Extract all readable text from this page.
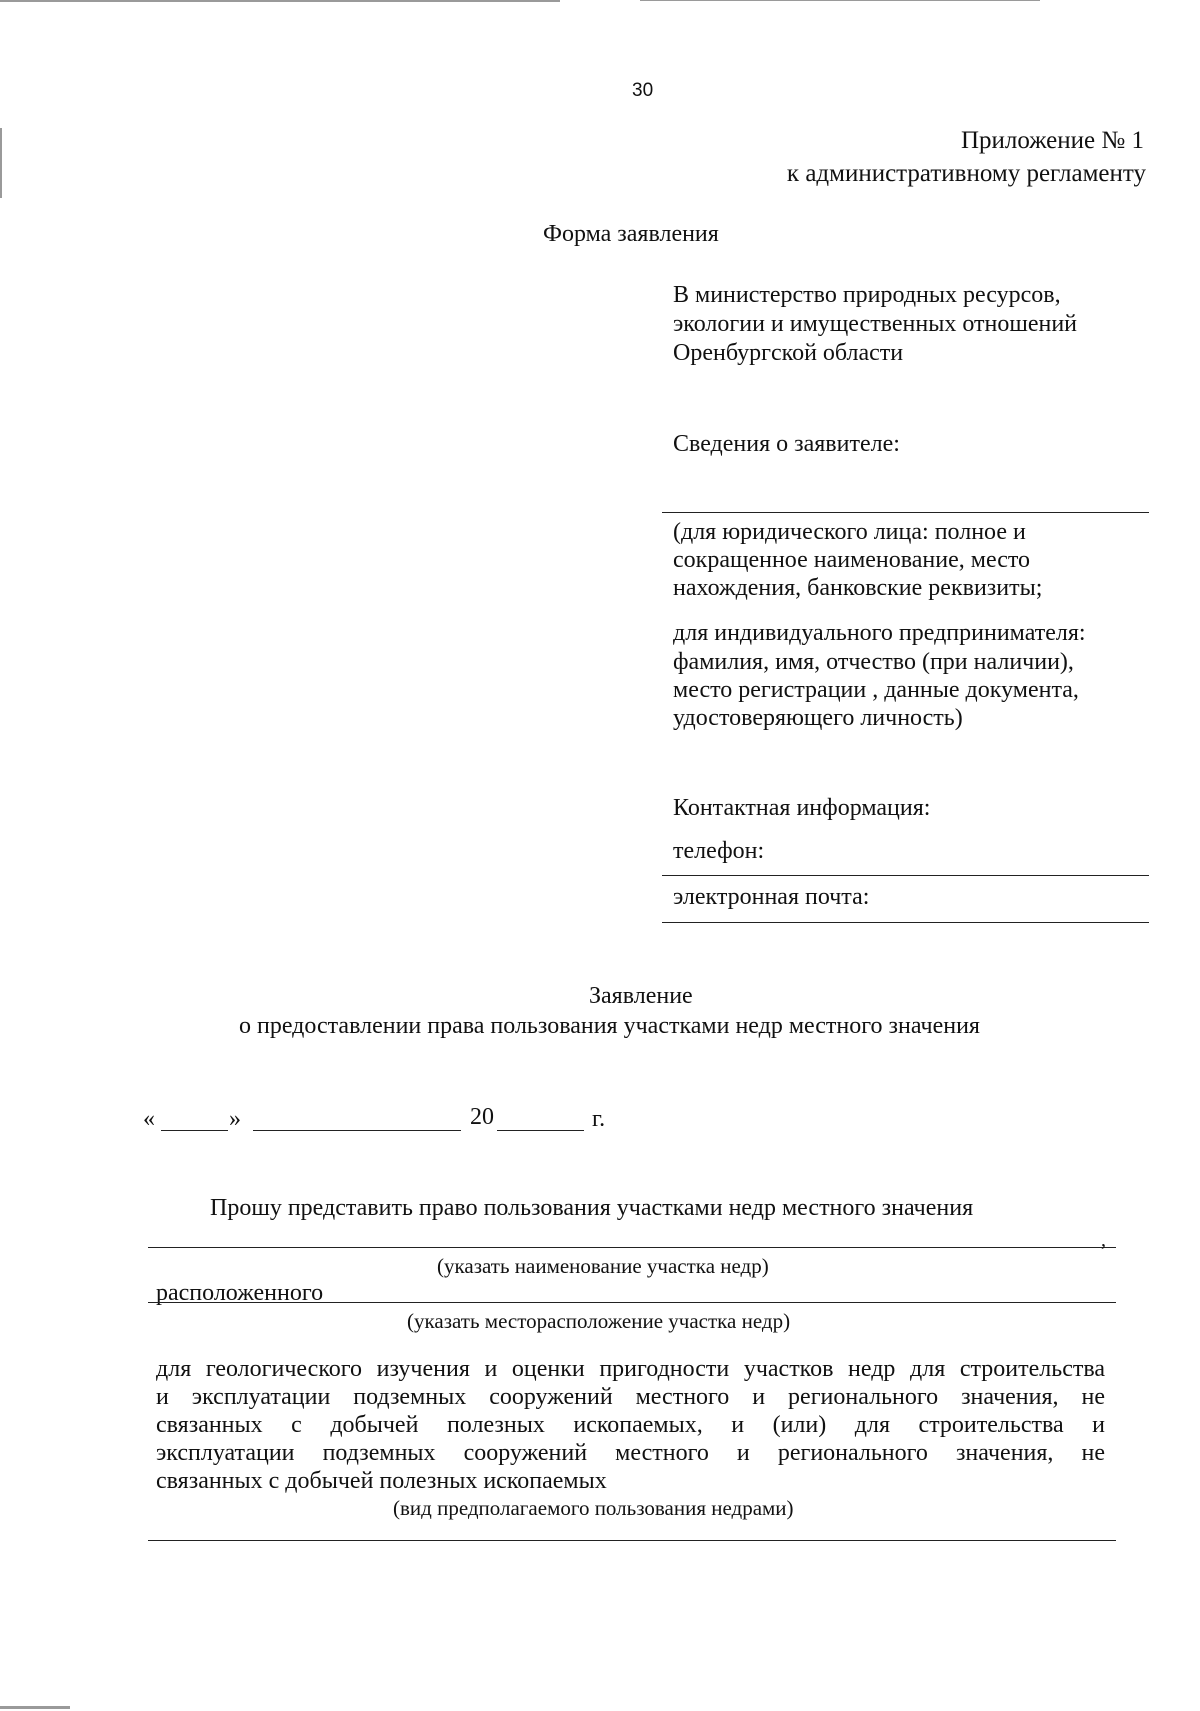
30
Приложение № 1
к административному регламенту
Форма заявления
В министерство природных ресурсов,
экологии и имущественных отношений
Оренбургской области
Сведения о заявителе:
(для юридического лица: полное и
сокращенное наименование, место
нахождения, банковские реквизиты;
для индивидуального предпринимателя:
фамилия, имя, отчество (при наличии),
место регистрации , данные документа,
удостоверяющего личность)
Контактная информация:
телефон:
электронная почта:
Заявление
о предоставлении права пользования участками недр местного значения
«	»	20	г.
Прошу представить право пользования участками недр местного значения
,
(указать наименование участка недр)
расположенного
(указать месторасположение участка недр)
для геологического изучения и оценки пригодности участков недр для строительства
и эксплуатации подземных сооружений местного и регионального значения, не
связанных с добычей полезных ископаемых, и (или) для строительства и
эксплуатации подземных сооружений местного и регионального значения, не
связанных с добычей полезных ископаемых
(вид предполагаемого пользования недрами)
